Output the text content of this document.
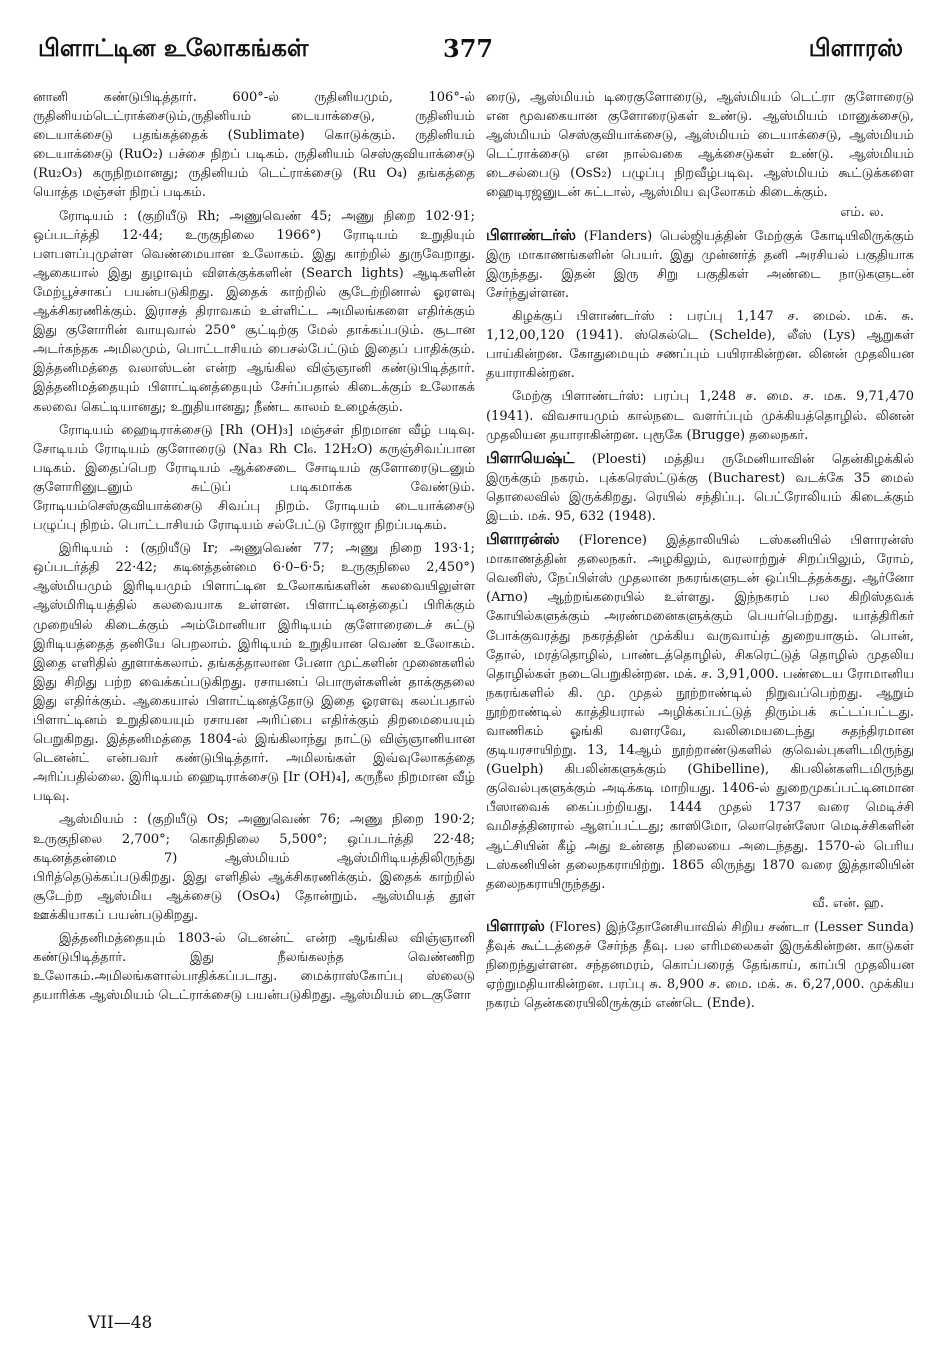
பிளாட்டின உலோகங்கள்	377	பிளாரஸ்

னானி கண்டுபிடித்தார். 600°-ல் ருதினியமும், 106°-ல் ருதினியம்டெட்ராக்சைடும்,ருதினியம் டையாக்சைடு, ருதினியம் டையாக்சைடு பதங்கத்தைக் (Sublimate) கொடுக்கும். ருதினியம் டையாக்சைடு (RuO₂) பச்சை நிறப் படிகம். ருதினியம் செஸ்குவியாக்சைடு (Ru₂O₃) கருநிறமானது; ருதினியம் டெட்ராக்சைடு (Ru O₄) தங்கத்தை யொத்த மஞ்சள் நிறப் படிகம்.

ரோடியம் : (குறியீடு Rh; அணுவெண் 45; அணு நிறை 102·91; ஒப்படர்த்தி 12·44; உருகுநிலை 1966°) ரோடியம் உறுதியும் பளபளப்புமுள்ள வெண்மையான உலோகம். இது காற்றில் துருவேறாது. ஆகையால் இது துழாவும் விளக்குக்களின் (Search lights) ஆடிகளின் மேற்பூச்சாகப் பயன்படுகிறது. இதைக் காற்றில் சூடேற்றினால் ஓரளவு ஆக்சிகரணிக்கும். இராசத் திராவகம் உள்ளிட்ட அமிலங்களை எதிர்க்கும் இது குளோரின் வாயுவால் 250° சூட்டிற்கு மேல் தாக்கப்படும். சூடான அடர்கந்தக அமிலமும், பொட்டாசியம் பைசல்பேட்டும் இதைப் பாதிக்கும். இத்தனிமத்தை வலாஸ்டன் என்ற ஆங்கில விஞ்ஞானி கண்டுபிடித்தார். இத்தனிமத்தையும் பிளாட்டினத்தையும் சேர்ப்பதால் கிடைக்கும் உலோகக் கலவை கெட்டியானது; உறுதியானது; நீண்ட காலம் உழைக்கும்.

ரோடியம் ஹைடிராக்சைடு [Rh (OH)₃] மஞ்சள் நிறமான வீழ் படிவு. சோடியம் ரோடியம் குளோரைடு (Na₃ Rh Cl₆. 12H₂O) கருஞ்சிவப்பான படிகம். இதைப்பெற ரோடியம் ஆக்சைடை சோடியம் குளோரைடுடனும் குளோரினுடனும் சுட்டுப் படிகமாக்க வேண்டும். ரோடியம்செஸ்குவியாக்சைடு சிவப்பு நிறம். ரோடியம் டையாக்சைடு பழுப்பு நிறம். பொட்டாசியம் ரோடியம் சல்பேட்டு ரோஜா நிறப்படிகம்.

இரிடியம் : (குறியீடு Ir; அணுவெண் 77; அணு நிறை 193·1; ஒப்படர்த்தி 22·42; கடினத்தன்மை 6·0–6·5; உருகுநிலை 2,450°) ஆஸ்மியமும் இரிடியமும் பிளாட்டின உலோகங்களின் கலவையிலுள்ள ஆஸ்மிரிடியத்தில் கலவையாக உள்ளன. பிளாட்டினத்தைப் பிரிக்கும் முறையில் கிடைக்கும் அம்மோனியா இரிடியம் குளோரைடைச் சுட்டு இரிடியத்தைத் தனியே பெறலாம். இரிடியம் உறுதியான வெண் உலோகம். இதை எளிதில் தூளாக்கலாம். தங்கத்தாலான பேனா முட்களின் முனைகளில் இது சிறிது பற்ற வைக்கப்படுகிறது. ரசாயனப் பொருள்களின் தாக்குதலை இது எதிர்க்கும். ஆகையால் பிளாட்டினத்தோடு இதை ஓரளவு கலப்பதால் பிளாட்டினம் உறுதியையும் ரசாயன அரிப்பை எதிர்க்கும் திறமையையும் பெறுகிறது. இத்தனிமத்தை 1804-ல் இங்கிலாந்து நாட்டு விஞ்ஞானியான டெனன்ட் என்பவர் கண்டுபிடித்தார். அமிலங்கள் இவ்வுலோகத்தை அரிப்பதில்லை. இரிடியம் ஹைடிராக்சைடு [Ir (OH)₄], கருநீல நிறமான வீழ் படிவு.

ஆஸ்மியம் : (குறியீடு Os; அணுவெண் 76; அணு நிறை 190·2; உருகுநிலை 2,700°; கொதிநிலை 5,500°; ஒப்படர்த்தி 22·48; கடினத்தன்மை 7) ஆஸ்மியம் ஆஸ்மிரிடியத்திலிருந்து பிரித்தெடுக்கப்படுகிறது. இது எளிதில் ஆக்சிகரணிக்கும். இதைக் காற்றில் சூடேற்ற ஆஸ்மிய ஆக்சைடு (OsO₄) தோன்றும். ஆஸ்மியத் தூள் ஊக்கியாகப் பயன்படுகிறது.

இத்தனிமத்தையும் 1803-ல் டெனன்ட் என்ற ஆங்கில விஞ்ஞானி கண்டுபிடித்தார். இது நீலங்கலந்த வெண்ணிற உலோகம்.அமிலங்களால்பாதிக்கப்படாது. மைக்ராஸ்கோப்பு ஸ்லைடு தயாரிக்க ஆஸ்மியம் டெட்ராக்சைடு பயன்படுகிறது. ஆஸ்மியம் டைகுளோ

ரைடு, ஆஸ்மியம் டிரைகுளோரைடு, ஆஸ்மியம் டெட்ரா குளோரைடு என மூவகையான குளோரைடுகள் உண்டு. ஆஸ்மியம் மானுக்சைடு, ஆஸ்மியம் செஸ்குவியாக்சைடு, ஆஸ்மியம் டையாக்சைடு, ஆஸ்மியம் டெட்ராக்சைடு என நால்வகை ஆக்சைடுகள் உண்டு. ஆஸ்மியம் டைசல்பைடு (OsS₂) பழுப்பு நிறவீழ்படிவு. ஆஸ்மியம் கூட்டுக்களை ஹைடிரஜனுடன் சுட்டால், ஆஸ்மிய வுலோகம் கிடைக்கும்.
எம். ல.

பிளாண்டர்ஸ் (Flanders) பெல்ஜியத்தின் மேற்குக் கோடியிலிருக்கும் இரு மாகாணங்களின் பெயர். இது முன்னர்த் தனி அரசியல் பகுதியாக இருந்தது. இதன் இரு சிறு பகுதிகள் அண்டை நாடுகளுடன் சேர்ந்துள்ளன.

கிழக்குப் பிளாண்டர்ஸ் : பரப்பு 1,147 ச. மைல். மக். சு. 1,12,00,120 (1941). ஸ்கெல்டெ (Schelde), லீஸ் (Lys) ஆறுகள் பாய்கின்றன. கோதுமையும் சணப்பும் பயிராகின்றன. லினன் முதலியன தயாராகின்றன.

மேற்கு பிளாண்டர்ஸ்: பரப்பு 1,248 ச. மை. ச. மக. 9,71,470 (1941). விவசாயமும் கால்நடை வளர்ப்பும் முக்கியத்தொழில். லினன் முதலியன தயாராகின்றன. புரூகே (Brugge) தலைநகர்.

பிளாயெஷ்ட் (Ploesti) மத்திய ருமேனியாவின் தென்கிழக்கில் இருக்கும் நகரம். புக்கரெஸ்ட்டுக்கு (Bucharest) வடக்கே 35 மைல் தொலைவில் இருக்கிறது. ரெயில் சந்திப்பு. பெட்ரோலியம் கிடைக்கும் இடம். மக். 95, 632 (1948).

பிளாரன்ஸ் (Florence) இத்தாலியில் டஸ்கனியில் பிளாரன்ஸ் மாகாணத்தின் தலைநகர். அழகிலும், வரலாற்றுச் சிறப்பிலும், ரோம், வெனிஸ், நேப்பிள்ஸ் முதலான நகரங்களுடன் ஒப்பிடத்தக்கது. ஆர்னோ (Arno) ஆற்றங்கரையில் உள்ளது. இந்நகரம் பல கிறிஸ்தவக் கோயில்களுக்கும் அரண்மனைகளுக்கும் பெயர்பெற்றது. யாத்திரிகர் போக்குவரத்து நகரத்தின் முக்கிய வருவாய்த் துறையாகும். பொன், தோல், மரத்தொழில், பாண்டத்தொழில், சிகரெட்டுத் தொழில் முதலிய தொழில்கள் நடைபெறுகின்றன. மக். ச. 3,91,000. பண்டைய ரோமானிய நகரங்களில் கி. மு. முதல் நூற்றாண்டில் நிறுவப்பெற்றது. ஆறும் நூற்றாண்டில் காத்தியரால் அழிக்கப்பட்டுத் திரும்பக் கட்டப்பட்டது. வாணிகம் ஓங்கி வளரவே, வலிமையடைந்து சுதந்திரமான குடியரசாயிற்று. 13, 14ஆம் நூற்றாண்டுகளில் குவெல்புகளிடமிருந்து (Guelph) கிபலின்களுக்கும் (Ghibelline), கிபலின்களிடமிருந்து குவெல்புகளுக்கும் அடிக்கடி மாறியது. 1406-ல் துறைமுகப்பட்டினமான பீஸாவைக் கைப்பற்றியது. 1444 முதல் 1737 வரை மெடிச்சி வமிசத்தினரால் ஆளப்பட்டது; காஸிமோ, லொரென்ஸோ மெடிச்சிகளின் ஆட்சியின் கீழ் அது உன்னத நிலையை அடைந்தது. 1570-ல் பெரிய டஸ்கனியின் தலைநகராயிற்று. 1865 லிருந்து 1870 வரை இத்தாலியின் தலைநகராயிருந்தது.
வீ. என். ஹ.

பிளாரஸ் (Flores) இந்தோனேசியாவில் சிறிய சண்டா (Lesser Sunda) தீவுக் கூட்டத்தைச் சேர்ந்த தீவு. பல எரிமலைகள் இருக்கின்றன. காடுகள் நிறைந்துள்ளன. சந்தனமரம், கொப்பரைத் தேங்காய், காப்பி முதலியன ஏற்றுமதியாகின்றன. பரப்பு சு. 8,900 ச. மை. மக். சு. 6,27,000. முக்கிய நகரம் தென்கரையிலிருக்கும் எண்டெ (Ende).

VII—48
